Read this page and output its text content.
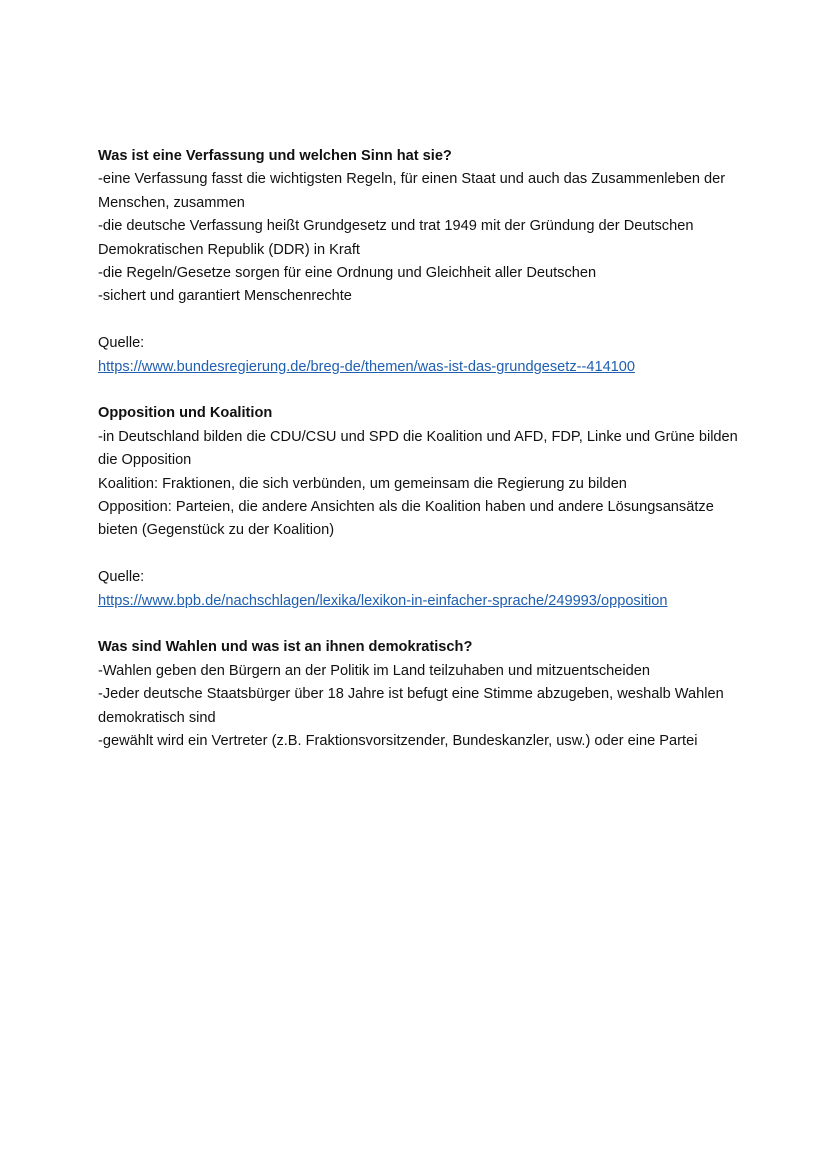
Was ist eine Verfassung und welchen Sinn hat sie?

-eine Verfassung fasst die wichtigsten Regeln, für einen Staat und auch das Zusammenleben der Menschen, zusammen

-die deutsche Verfassung heißt Grundgesetz und trat 1949 mit der Gründung der Deutschen Demokratischen Republik (DDR) in Kraft

-die Regeln/Gesetze sorgen für eine Ordnung und Gleichheit aller Deutschen

-sichert und garantiert Menschenrechte

Quelle:

https://www.bundesregierung.de/breg-de/themen/was-ist-das-grundgesetz--414100

Opposition und Koalition

-in Deutschland bilden die CDU/CSU und SPD die Koalition und AFD, FDP, Linke und Grüne bilden die Opposition

Koalition: Fraktionen, die sich verbünden, um gemeinsam die Regierung zu bilden

Opposition: Parteien, die andere Ansichten als die Koalition haben und andere Lösungsansätze bieten (Gegenstück zu der Koalition)

Quelle:

https://www.bpb.de/nachschlagen/lexika/lexikon-in-einfacher-sprache/249993/opposition

Was sind Wahlen und was ist an ihnen demokratisch?

-Wahlen geben den Bürgern an der Politik im Land teilzuhaben und mitzuentscheiden

-Jeder deutsche Staatsbürger über 18 Jahre ist befugt eine Stimme abzugeben, weshalb Wahlen demokratisch sind

-gewählt wird ein Vertreter (z.B. Fraktionsvorsitzender, Bundeskanzler, usw.) oder eine Partei
